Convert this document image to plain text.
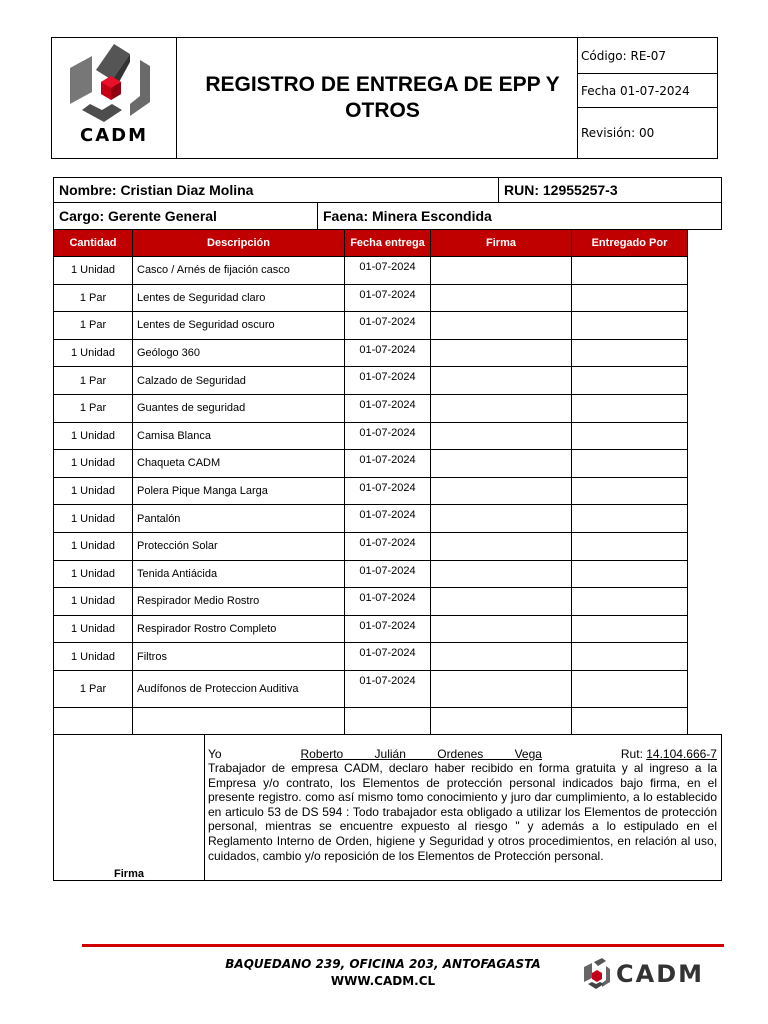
CADM
REGISTRO DE ENTREGA DE EPP Y OTROS
Código: RE-07
Fecha 01-07-2024
Revisión: 00
Nombre: Cristian Diaz Molina	RUN: 12955257-3
Cargo: Gerente General	Faena: Minera Escondida
Cantidad	Descripción	Fecha entrega	Firma	Entregado Por
1 Unidad	Casco / Arnés de fijación casco	01-07-2024		
1 Par	Lentes de Seguridad claro	01-07-2024		
1 Par	Lentes de Seguridad oscuro	01-07-2024		
1 Unidad	Geólogo 360	01-07-2024		
1 Par	Calzado de Seguridad	01-07-2024		
1 Par	Guantes de seguridad	01-07-2024		
1 Unidad	Camisa Blanca	01-07-2024		
1 Unidad	Chaqueta CADM	01-07-2024		
1 Unidad	Polera Pique Manga Larga	01-07-2024		
1 Unidad	Pantalón	01-07-2024		
1 Unidad	Protección Solar	01-07-2024		
1 Unidad	Tenida Antiácida	01-07-2024		
1 Unidad	Respirador Medio Rostro	01-07-2024		
1 Unidad	Respirador Rostro Completo	01-07-2024		
1 Unidad	Filtros	01-07-2024		
1 Par	Audífonos de Proteccion Auditiva	01-07-2024		

Firma
Yo	Roberto Julián Ordenes Vega	Rut: 14.104.666-7
Trabajador de empresa CADM, declaro haber recibido en forma gratuita y al ingreso a la Empresa y/o contrato, los Elementos de protección personal indicados bajo firma, en el presente registro. como así mismo tomo conocimiento y juro dar cumplimiento, a lo establecido en articulo 53 de DS 594 : Todo trabajador esta obligado a utilizar los Elementos de protección personal, mientras se encuentre expuesto al riesgo " y además a lo estipulado en el Reglamento Interno de Orden, higiene y Seguridad y otros procedimientos, en relación al uso, cuidados, cambio y/o reposición de los Elementos de Protección personal.
BAQUEDANO 239, OFICINA 203, ANTOFAGASTA
WWW.CADM.CL	CADM
